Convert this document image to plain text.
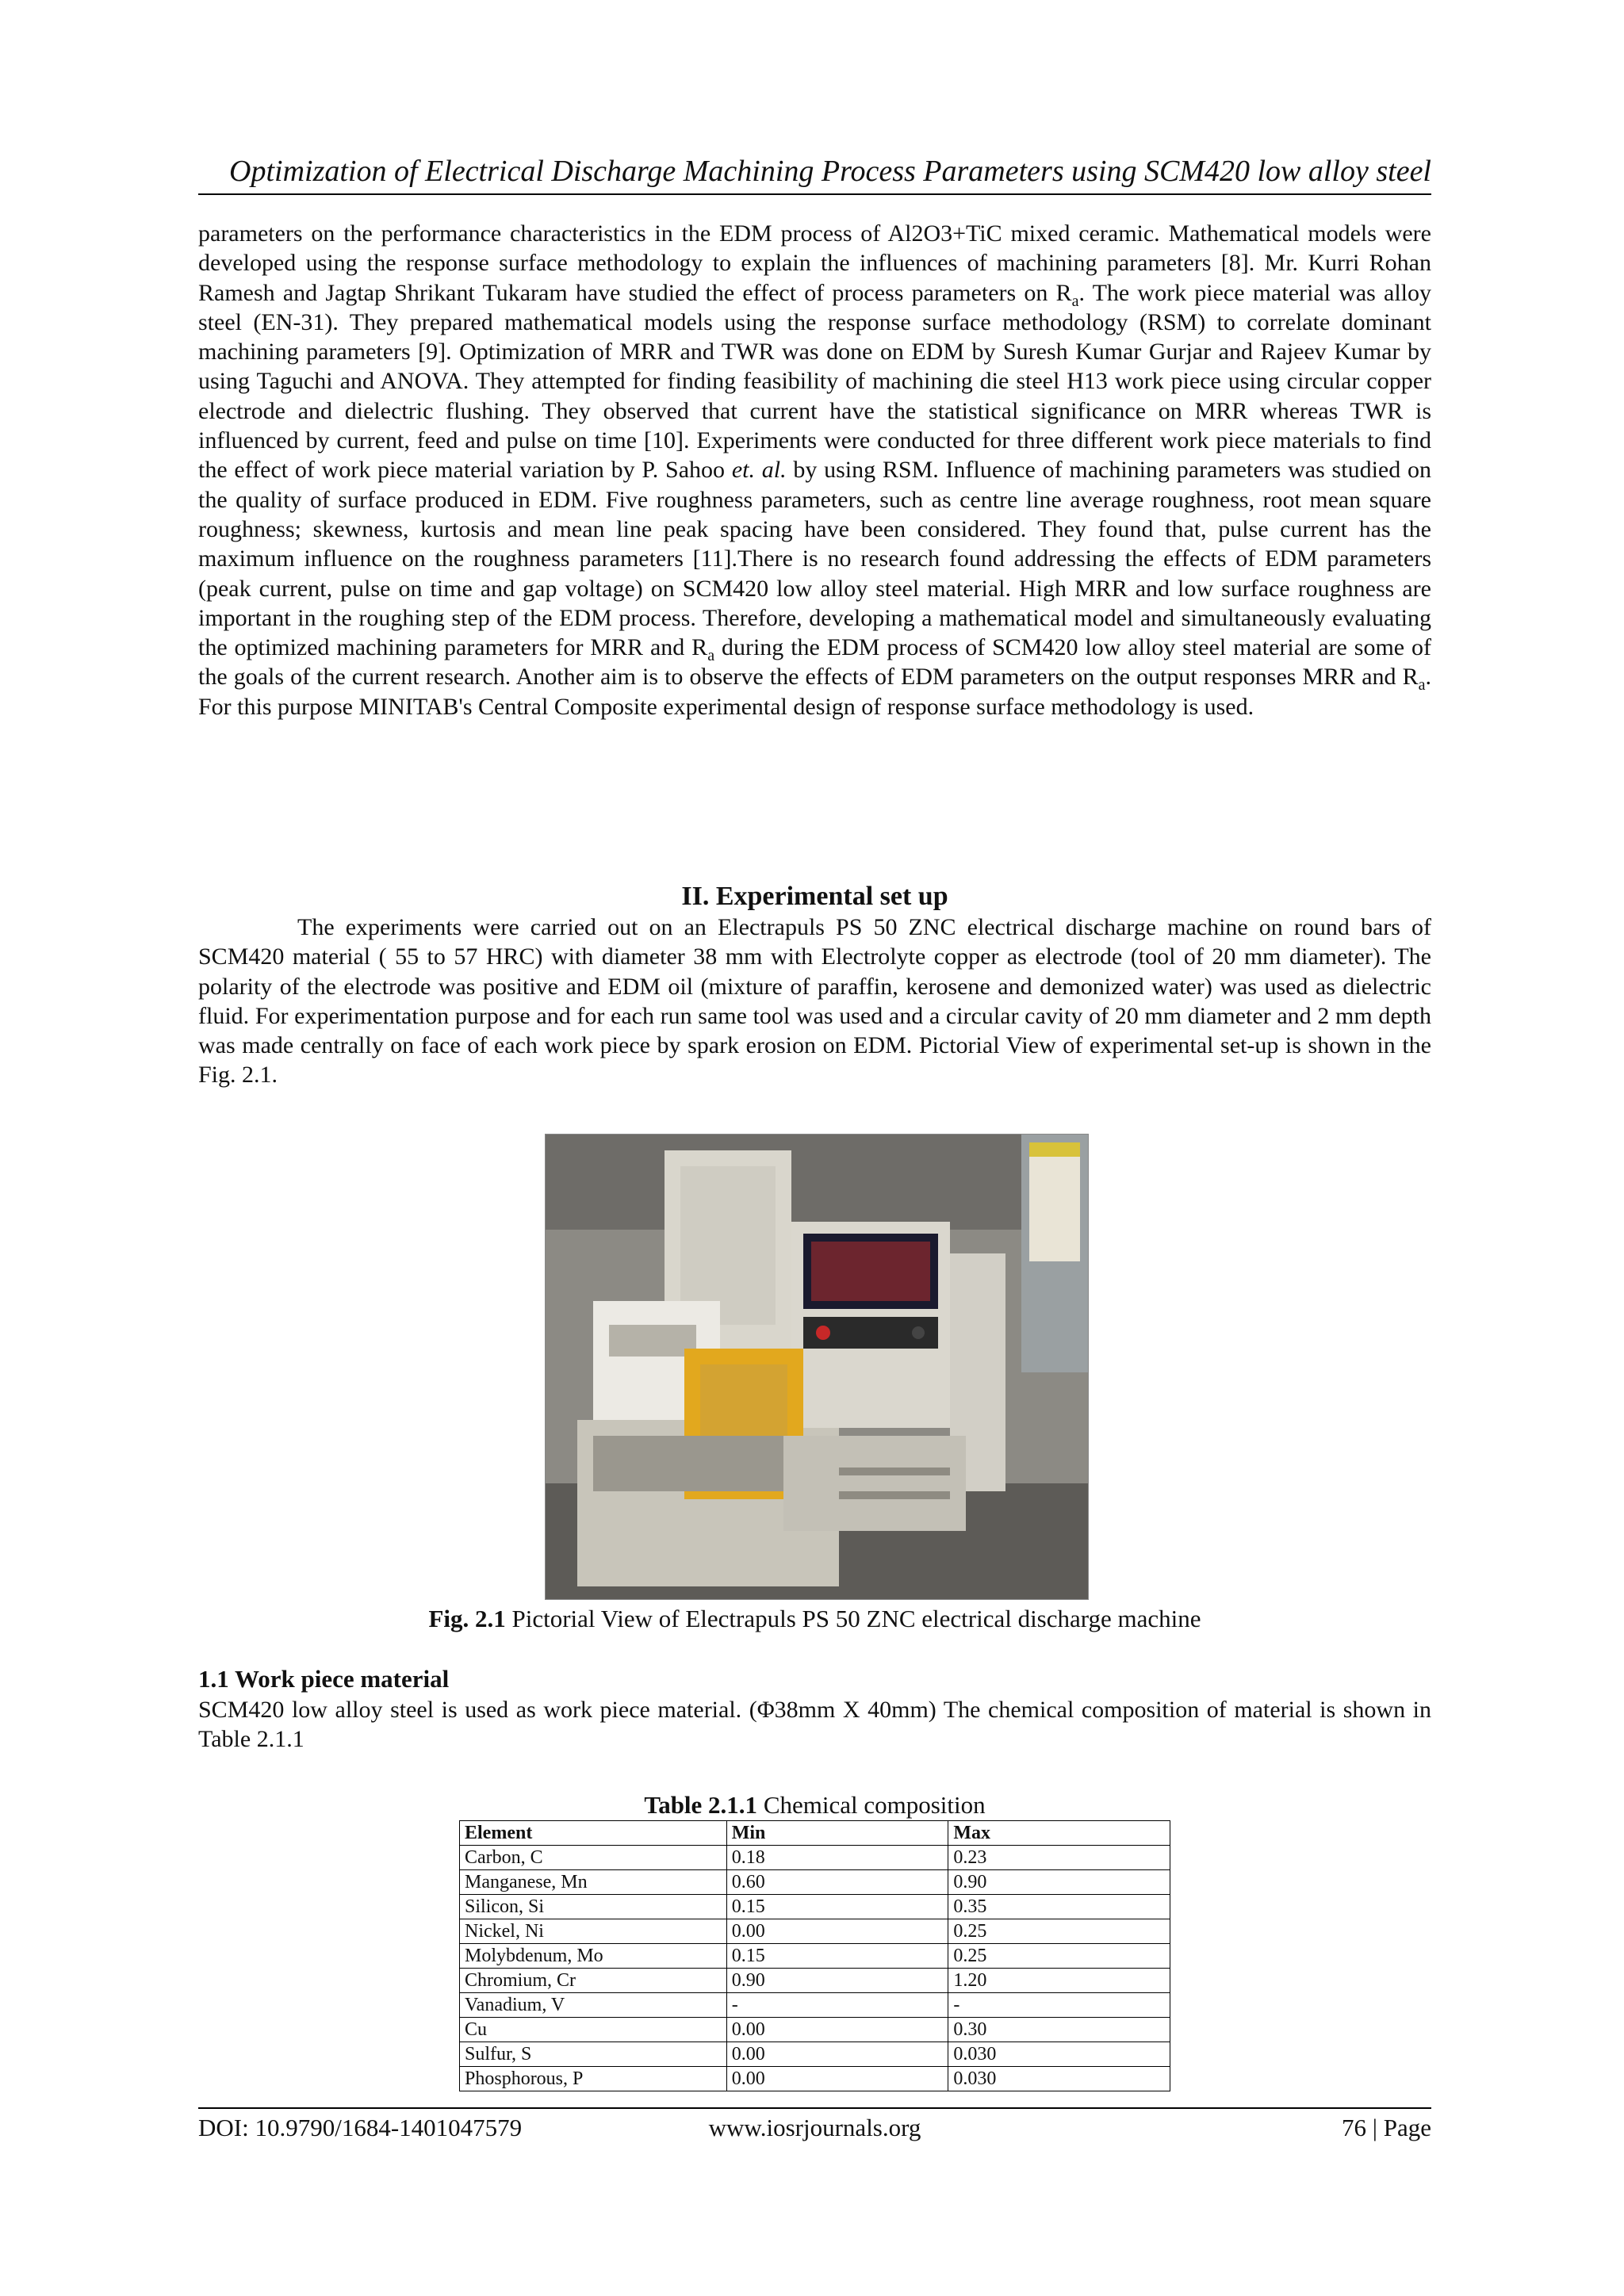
Optimization of Electrical Discharge Machining Process Parameters using SCM420 low alloy steel
parameters on the performance characteristics in the EDM process of Al2O3+TiC mixed ceramic. Mathematical models were developed using the response surface methodology to explain the influences of machining parameters [8]. Mr. Kurri Rohan Ramesh and Jagtap Shrikant Tukaram have studied the effect of process parameters on $R_a$. The work piece material was alloy steel (EN-31). They prepared mathematical models using the response surface methodology (RSM) to correlate dominant machining parameters [9]. Optimization of MRR and TWR was done on EDM by Suresh Kumar Gurjar and Rajeev Kumar by using Taguchi and ANOVA. They attempted for finding feasibility of machining die steel H13 work piece using circular copper electrode and dielectric flushing. They observed that current have the statistical significance on MRR whereas TWR is influenced by current, feed and pulse on time [10]. Experiments were conducted for three different work piece materials to find the effect of work piece material variation by P. Sahoo et. al. by using RSM. Influence of machining parameters was studied on the quality of surface produced in EDM. Five roughness parameters, such as centre line average roughness, root mean square roughness; skewness, kurtosis and mean line peak spacing have been considered. They found that, pulse current has the maximum influence on the roughness parameters [11].There is no research found addressing the effects of EDM parameters (peak current, pulse on time and gap voltage) on SCM420 low alloy steel material. High MRR and low surface roughness are important in the roughing step of the EDM process. Therefore, developing a mathematical model and simultaneously evaluating the optimized machining parameters for MRR and $R_a$ during the EDM process of SCM420 low alloy steel material are some of the goals of the current research. Another aim is to observe the effects of EDM parameters on the output responses MRR and $R_a$. For this purpose MINITAB's Central Composite experimental design of response surface methodology is used.
II. Experimental set up
The experiments were carried out on an Electrapuls PS 50 ZNC electrical discharge machine on round bars of SCM420 material ( 55 to 57 HRC) with diameter 38 mm with Electrolyte copper as electrode (tool of 20 mm diameter). The polarity of the electrode was positive and EDM oil (mixture of paraffin, kerosene and demonized water) was used as dielectric fluid. For experimentation purpose and for each run same tool was used and a circular cavity of 20 mm diameter and 2 mm depth was made centrally on face of each work piece by spark erosion on EDM. Pictorial View of experimental set-up is shown in the Fig. 2.1.
Fig. 2.1 Pictorial View of Electrapuls PS 50 ZNC electrical discharge machine
1.1 Work piece material
SCM420 low alloy steel is used as work piece material. (Φ38mm X 40mm) The chemical composition of material is shown in Table 2.1.1
Table 2.1.1 Chemical composition
Element	Min	Max
Carbon, C	0.18	0.23
Manganese, Mn	0.60	0.90
Silicon, Si	0.15	0.35
Nickel, Ni	0.00	0.25
Molybdenum, Mo	0.15	0.25
Chromium, Cr	0.90	1.20
Vanadium, V	-	-
Cu	0.00	0.30
Sulfur, S	0.00	0.030
Phosphorous, P	0.00	0.030
DOI: 10.9790/1684-1401047579	www.iosrjournals.org	76 | Page
